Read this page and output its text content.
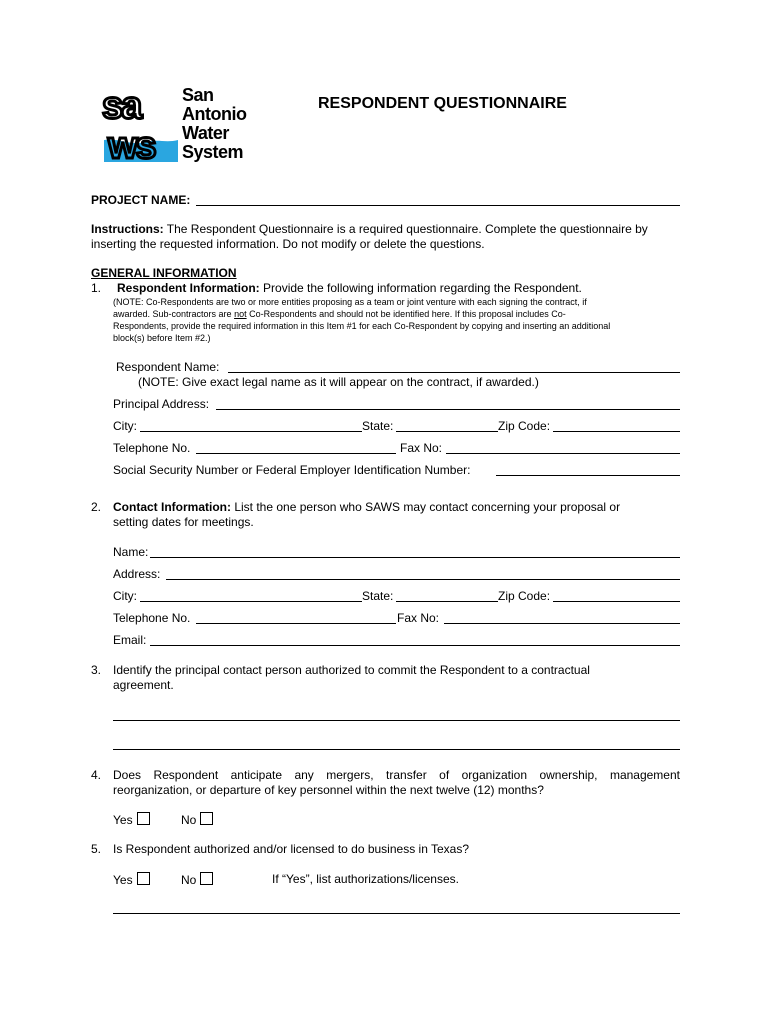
sa
ws
San
Antonio
Water
System
RESPONDENT QUESTIONNAIRE
PROJECT NAME:
Instructions: The Respondent Questionnaire is a required questionnaire. Complete the questionnaire by
inserting the requested information. Do not modify or delete the questions.
GENERAL INFORMATION
1. Respondent Information: Provide the following information regarding the Respondent.
(NOTE: Co-Respondents are two or more entities proposing as a team or joint venture with each signing the contract, if
awarded. Sub-contractors are not Co-Respondents and should not be identified here. If this proposal includes Co-
Respondents, provide the required information in this Item #1 for each Co-Respondent by copying and inserting an additional
block(s) before Item #2.)
Respondent Name:
(NOTE: Give exact legal name as it will appear on the contract, if awarded.)
Principal Address:
City:	State:	Zip Code:
Telephone No.	Fax No:
Social Security Number or Federal Employer Identification Number:
2. Contact Information: List the one person who SAWS may contact concerning your proposal or
setting dates for meetings.
Name:
Address:
City:	State:	Zip Code:
Telephone No.	Fax No:
Email:
3. Identify the principal contact person authorized to commit the Respondent to a contractual
agreement.
4. Does Respondent anticipate any mergers, transfer of organization ownership, management
reorganization, or departure of key personnel within the next twelve (12) months?
Yes	No
5. Is Respondent authorized and/or licensed to do business in Texas?
Yes	No	If “Yes”, list authorizations/licenses.
